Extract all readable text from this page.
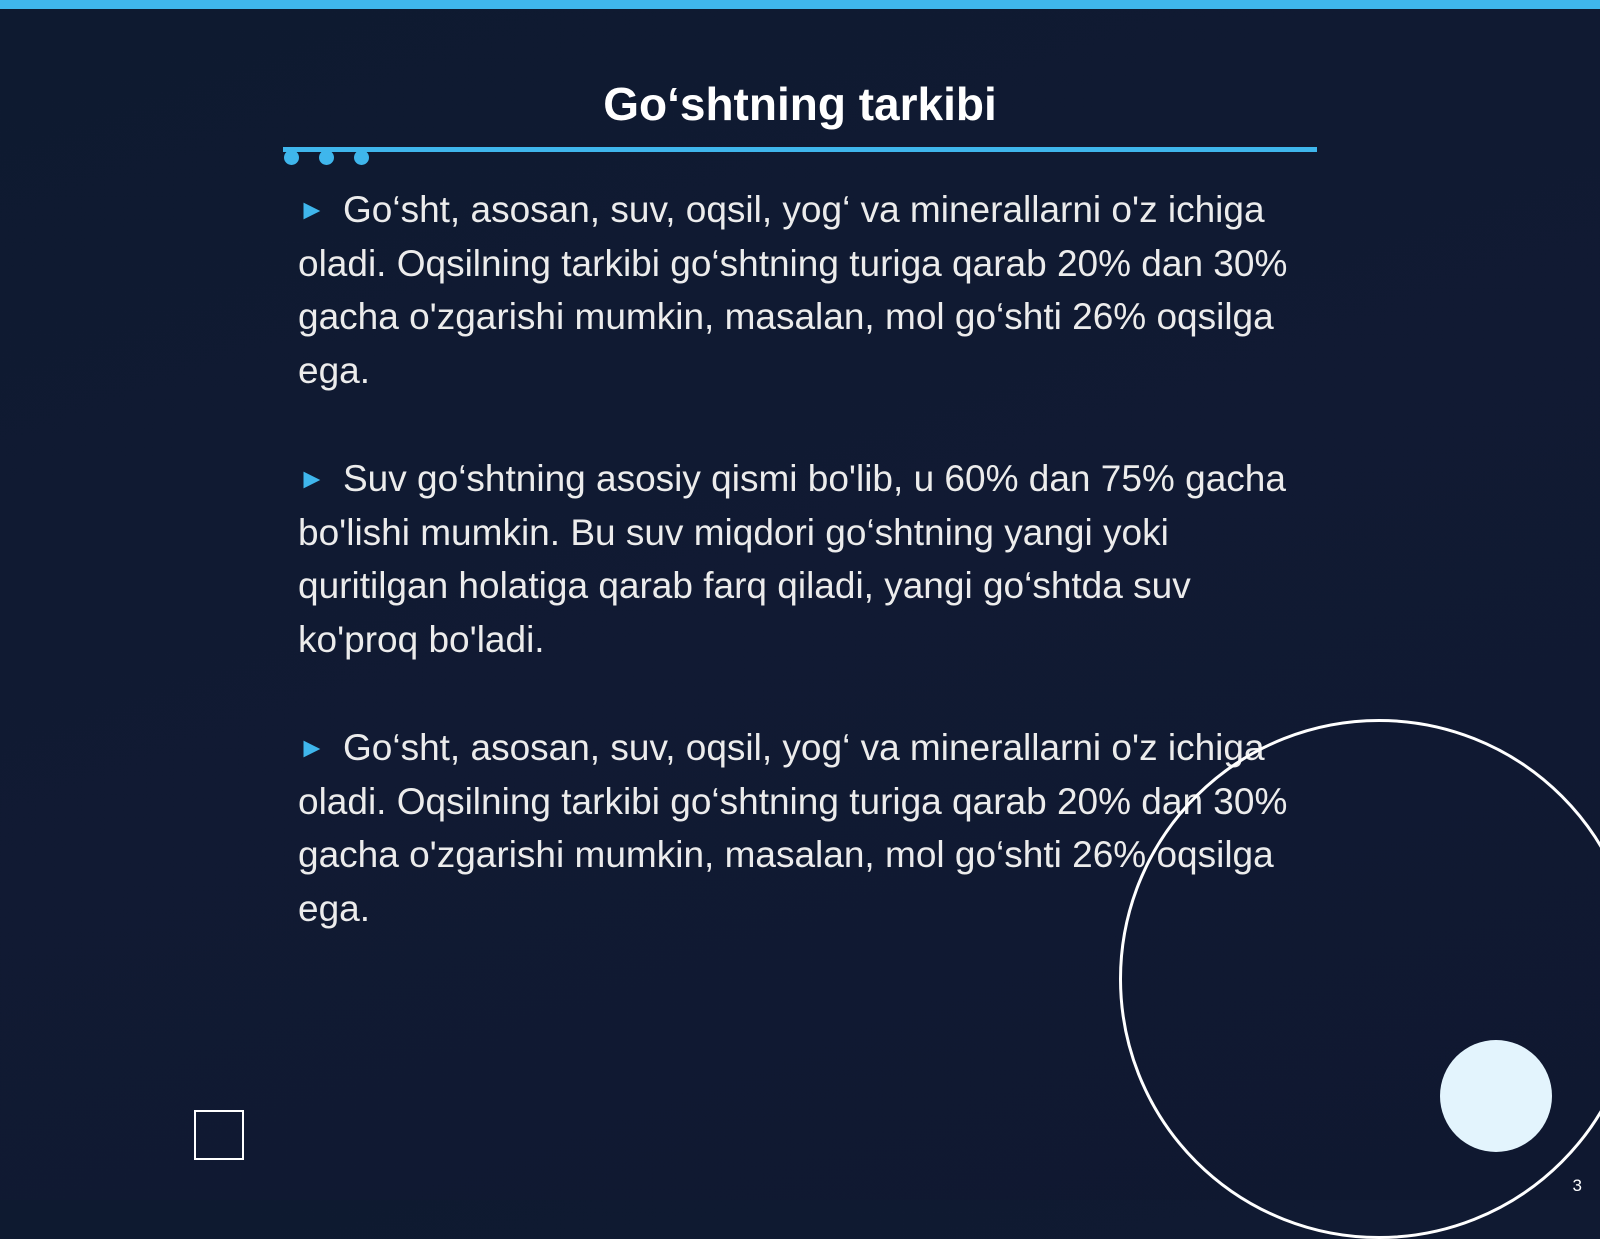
Go‘shtning tarkibi

► Go‘sht, asosan, suv, oqsil, yog‘ va minerallarni o'z ichiga oladi. Oqsilning tarkibi go‘shtning turiga qarab 20% dan 30% gacha o'zgarishi mumkin, masalan, mol go‘shti 26% oqsilga ega.

► Suv go‘shtning asosiy qismi bo'lib, u 60% dan 75% gacha bo'lishi mumkin. Bu suv miqdori go‘shtning yangi yoki quritilgan holatiga qarab farq qiladi, yangi go‘shtda suv ko'proq bo'ladi.

► Go‘sht, asosan, suv, oqsil, yog‘ va minerallarni o'z ichiga oladi. Oqsilning tarkibi go‘shtning turiga qarab 20% dan 30% gacha o'zgarishi mumkin, masalan, mol go‘shti 26% oqsilga ega.

3
